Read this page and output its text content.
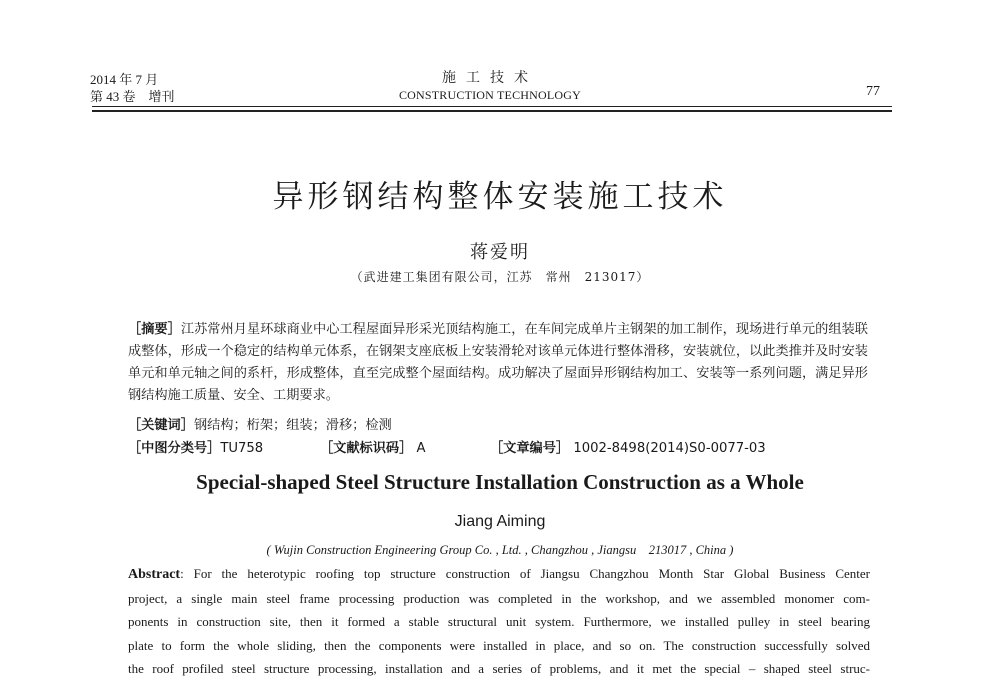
2014 年 7 月
第 43 卷　增刊
施工技术
CONSTRUCTION TECHNOLOGY	77
异形钢结构整体安装施工技术
蒋爱明
（武进建工集团有限公司，江苏　常州　213017）
［摘要］江苏常州月星环球商业中心工程屋面异形采光顶结构施工，在车间完成单片主钢架的加工制作，现场进行单元的组装联成整体，形成一个稳定的结构单元体系，在钢架支座底板上安装滑轮对该单元体进行整体滑移，安装就位，以此类推并及时安装单元和单元轴之间的系杆，形成整体，直至完成整个屋面结构。成功解决了屋面异形钢结构加工、安装等一系列问题，满足异形钢结构施工质量、安全、工期要求。
［关键词］钢结构；桁架；组装；滑移；检测
［中图分类号］TU758	［文献标识码］ A	［文章编号］ 1002-8498(2014)S0-0077-03
Special-shaped Steel Structure Installation Construction as a Whole
Jiang Aiming
( Wujin Construction Engineering Group Co. , Ltd. , Changzhou , Jiangsu　213017 , China )
Abstract: For the heterotypic roofing top structure construction of Jiangsu Changzhou Month Star Global Business Center
project, a single main steel frame processing production was completed in the workshop, and we assembled monomer com-
ponents in construction site, then it formed a stable structural unit system. Furthermore, we installed pulley in steel bearing
plate to form the whole sliding, then the components were installed in place, and so on. The construction successfully solved
the roof profiled steel structure processing, installation and a series of problems, and it met the special – shaped steel struc-
